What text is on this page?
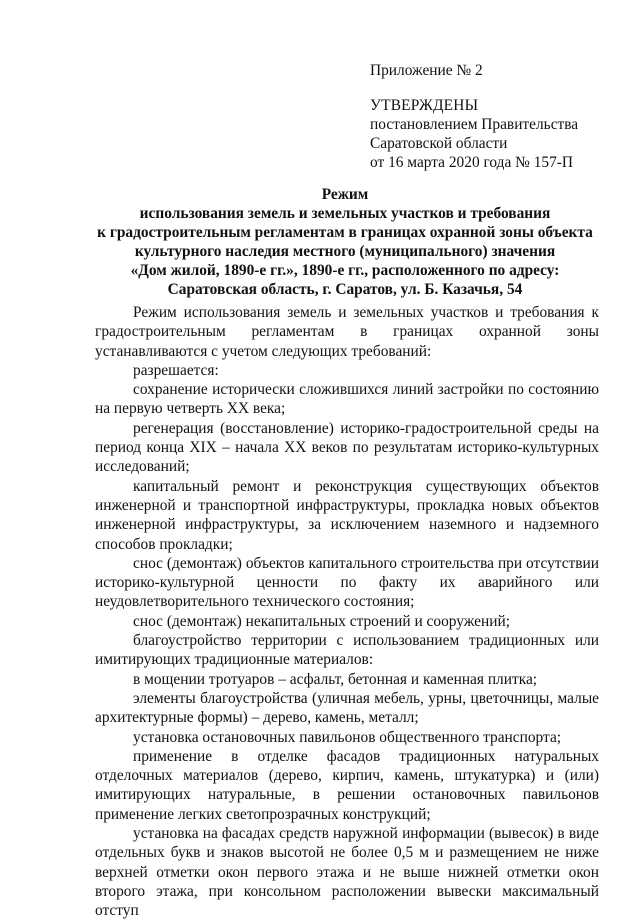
Приложение № 2
УТВЕРЖДЕНЫ
постановлением Правительства
Саратовской области
от 16 марта 2020 года № 157-П
Режим
использования земель и земельных участков и требования
к градостроительным регламентам в границах охранной зоны объекта
культурного наследия местного (муниципального) значения
«Дом жилой, 1890-е гг.», 1890-е гг., расположенного по адресу:
Саратовская область, г. Саратов, ул. Б. Казачья, 54

Режим использования земель и земельных участков и требования к градостроительным регламентам в границах охранной зоны устанавливаются с учетом следующих требований:

разрешается:

сохранение исторически сложившихся линий застройки по состоянию на первую четверть XX века;

регенерация (восстановление) историко-градостроительной среды на период конца XIX – начала XX веков по результатам историко-культурных исследований;

капитальный ремонт и реконструкция существующих объектов инженерной и транспортной инфраструктуры, прокладка новых объектов инженерной инфраструктуры, за исключением наземного и надземного способов прокладки;

снос (демонтаж) объектов капитального строительства при отсутствии историко-культурной ценности по факту их аварийного или неудовлетворительного технического состояния;

снос (демонтаж) некапитальных строений и сооружений;

благоустройство территории с использованием традиционных или имитирующих традиционные материалов:

в мощении тротуаров – асфальт, бетонная и каменная плитка;

элементы благоустройства (уличная мебель, урны, цветочницы, малые архитектурные формы) – дерево, камень, металл;

установка остановочных павильонов общественного транспорта;

применение в отделке фасадов традиционных натуральных отделочных материалов (дерево, кирпич, камень, штукатурка) и (или) имитирующих натуральные, в решении остановочных павильонов применение легких светопрозрачных конструкций;

установка на фасадах средств наружной информации (вывесок) в виде отдельных букв и знаков высотой не более 0,5 м и размещением не ниже верхней отметки окон первого этажа и не выше нижней отметки окон второго этажа, при консольном расположении вывески максимальный отступ
